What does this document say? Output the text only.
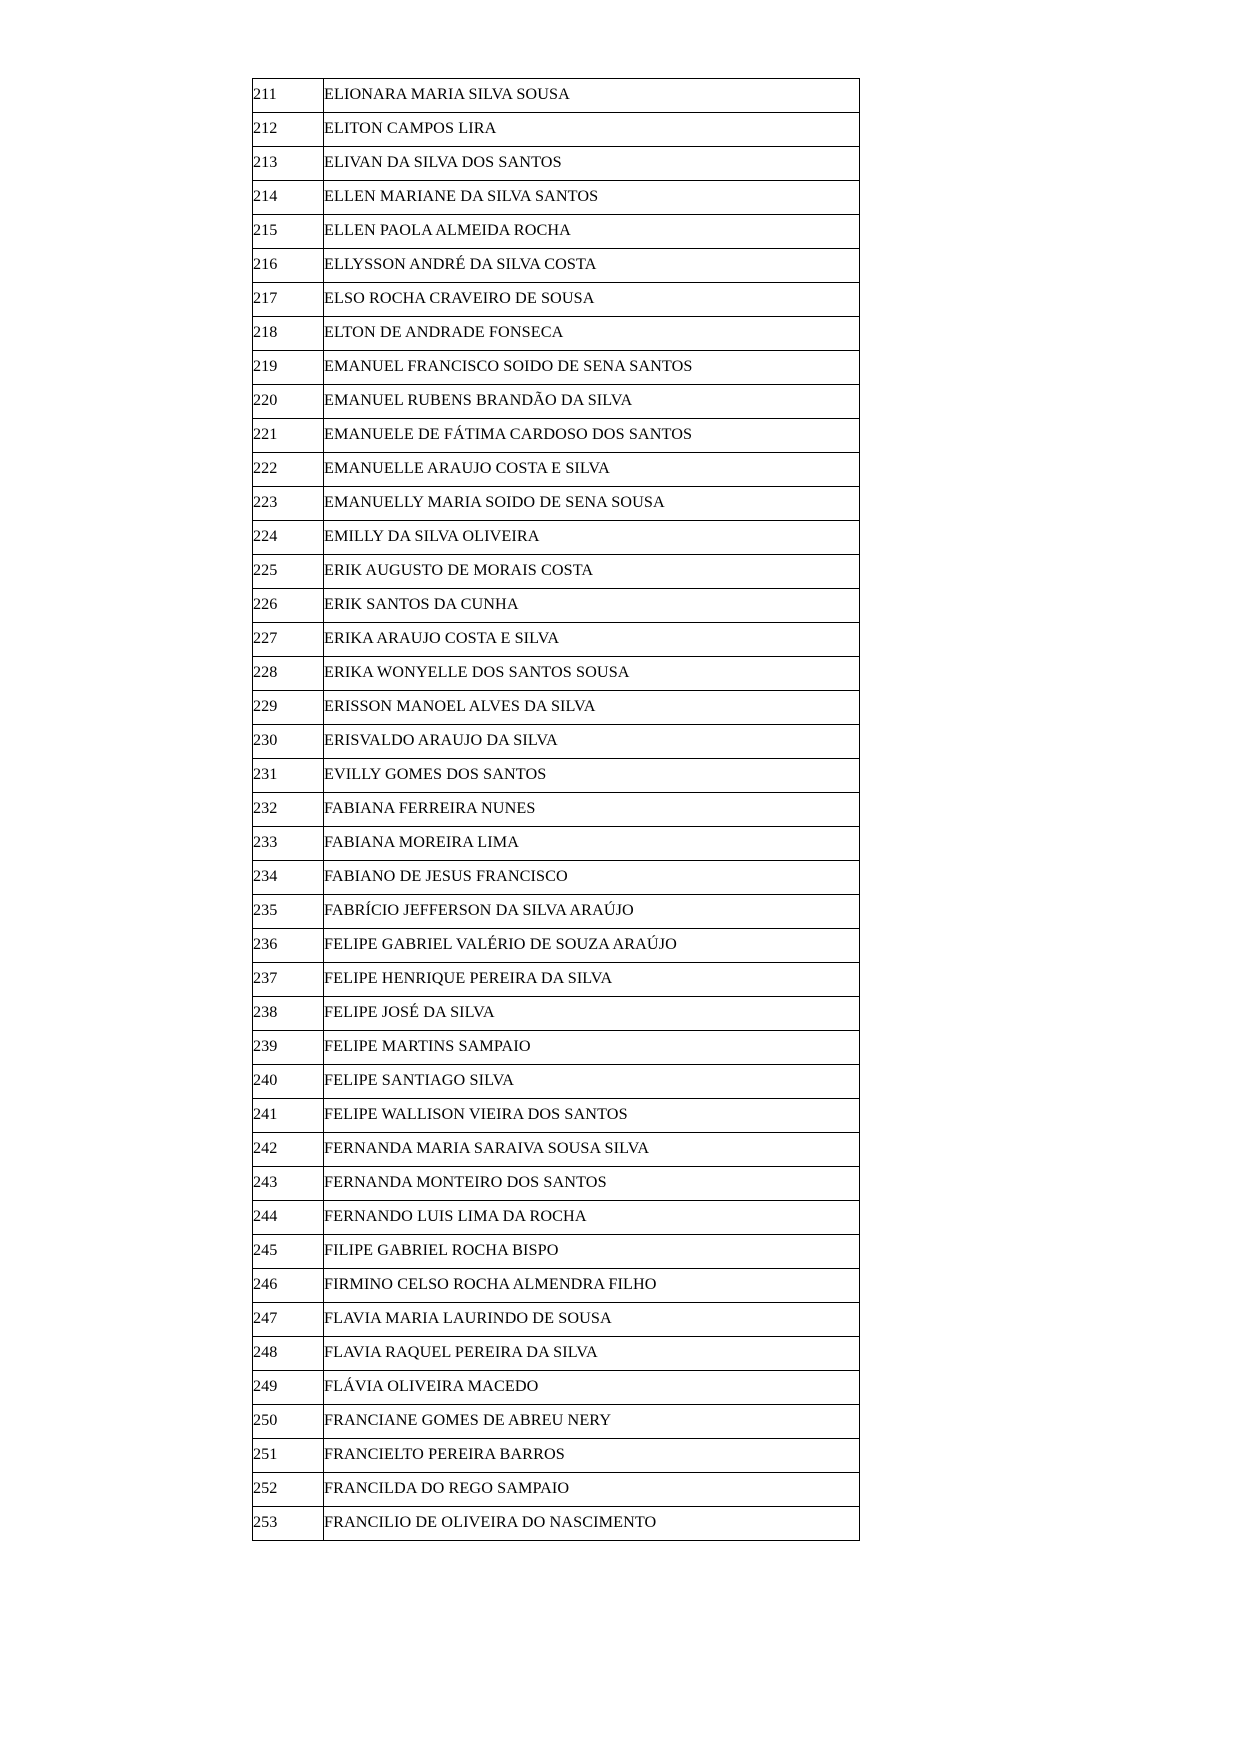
211	ELIONARA MARIA SILVA SOUSA
212	ELITON CAMPOS LIRA
213	ELIVAN DA SILVA DOS SANTOS
214	ELLEN MARIANE DA SILVA SANTOS
215	ELLEN PAOLA ALMEIDA ROCHA
216	ELLYSSON ANDRÉ DA SILVA COSTA
217	ELSO ROCHA CRAVEIRO DE SOUSA
218	ELTON DE ANDRADE FONSECA
219	EMANUEL FRANCISCO SOIDO DE SENA SANTOS
220	EMANUEL RUBENS BRANDÃO DA SILVA
221	EMANUELE DE FÁTIMA CARDOSO DOS SANTOS
222	EMANUELLE ARAUJO COSTA E SILVA
223	EMANUELLY MARIA SOIDO DE SENA SOUSA
224	EMILLY DA SILVA OLIVEIRA
225	ERIK AUGUSTO DE MORAIS COSTA
226	ERIK SANTOS DA CUNHA
227	ERIKA ARAUJO COSTA E SILVA
228	ERIKA WONYELLE DOS SANTOS SOUSA
229	ERISSON MANOEL ALVES DA SILVA
230	ERISVALDO ARAUJO DA SILVA
231	EVILLY GOMES DOS SANTOS
232	FABIANA FERREIRA NUNES
233	FABIANA MOREIRA LIMA
234	FABIANO DE JESUS FRANCISCO
235	FABRÍCIO JEFFERSON DA SILVA ARAÚJO
236	FELIPE GABRIEL VALÉRIO DE SOUZA ARAÚJO
237	FELIPE HENRIQUE PEREIRA DA SILVA
238	FELIPE JOSÉ DA SILVA
239	FELIPE MARTINS SAMPAIO
240	FELIPE SANTIAGO SILVA
241	FELIPE WALLISON VIEIRA DOS SANTOS
242	FERNANDA MARIA SARAIVA SOUSA SILVA
243	FERNANDA MONTEIRO DOS SANTOS
244	FERNANDO LUIS LIMA DA ROCHA
245	FILIPE GABRIEL ROCHA BISPO
246	FIRMINO CELSO ROCHA ALMENDRA FILHO
247	FLAVIA MARIA LAURINDO DE SOUSA
248	FLAVIA RAQUEL PEREIRA DA SILVA
249	FLÁVIA OLIVEIRA MACEDO
250	FRANCIANE GOMES DE ABREU NERY
251	FRANCIELTO PEREIRA BARROS
252	FRANCILDA DO REGO SAMPAIO
253	FRANCILIO DE OLIVEIRA DO NASCIMENTO
